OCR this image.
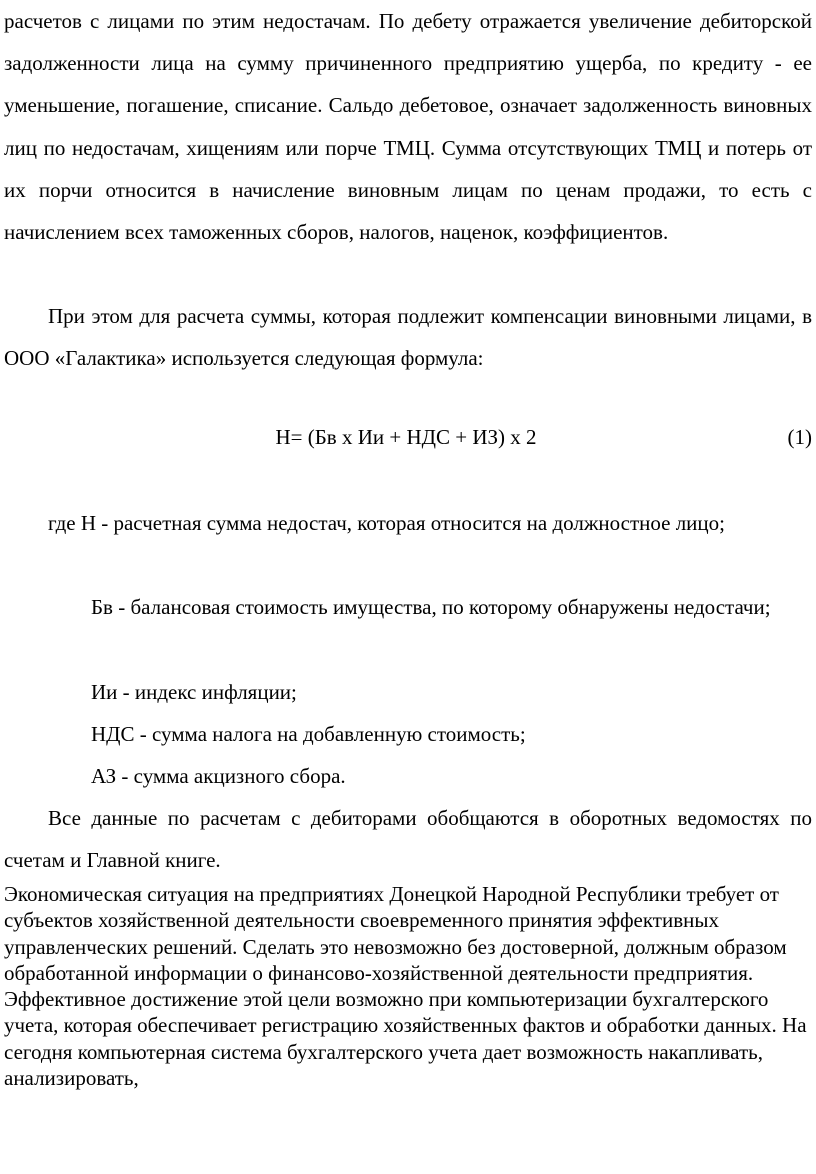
расчетов с лицами по этим недостачам. По дебету отражается увеличение дебиторской задолженности лица на сумму причиненного предприятию ущерба, по кредиту - ее уменьшение, погашение, списание. Сальдо дебетовое, означает задолженность виновных лиц по недостачам, хищениям или порче ТМЦ. Сумма отсутствующих ТМЦ и потерь от их порчи относится в начисление виновным лицам по ценам продажи, то есть с начислением всех таможенных сборов, налогов, наценок, коэффициентов.

При этом для расчета суммы, которая подлежит компенсации виновными лицами, в ООО «Галактика» используется следующая формула:

Н= (Бв х Ии + НДС + ИЗ) х 2	(1)

где Н - расчетная сумма недостач, которая относится на должностное лицо;

Бв - балансовая стоимость имущества, по которому обнаружены недостачи;

Ии - индекс инфляции;

НДС - сумма налога на добавленную стоимость;

АЗ - сумма акцизного сбора.

Все данные по расчетам с дебиторами обобщаются в оборотных ведомостях по счетам и Главной книге.

Экономическая ситуация на предприятиях Донецкой Народной Республики требует от субъектов хозяйственной деятельности своевременного принятия эффективных управленческих решений. Сделать это невозможно без достоверной, должным образом обработанной информации о финансово-хозяйственной деятельности предприятия. Эффективное достижение этой цели возможно при компьютеризации бухгалтерского учета, которая обеспечивает регистрацию хозяйственных фактов и обработки данных. На сегодня компьютерная система бухгалтерского учета дает возможность накапливать, анализировать,
